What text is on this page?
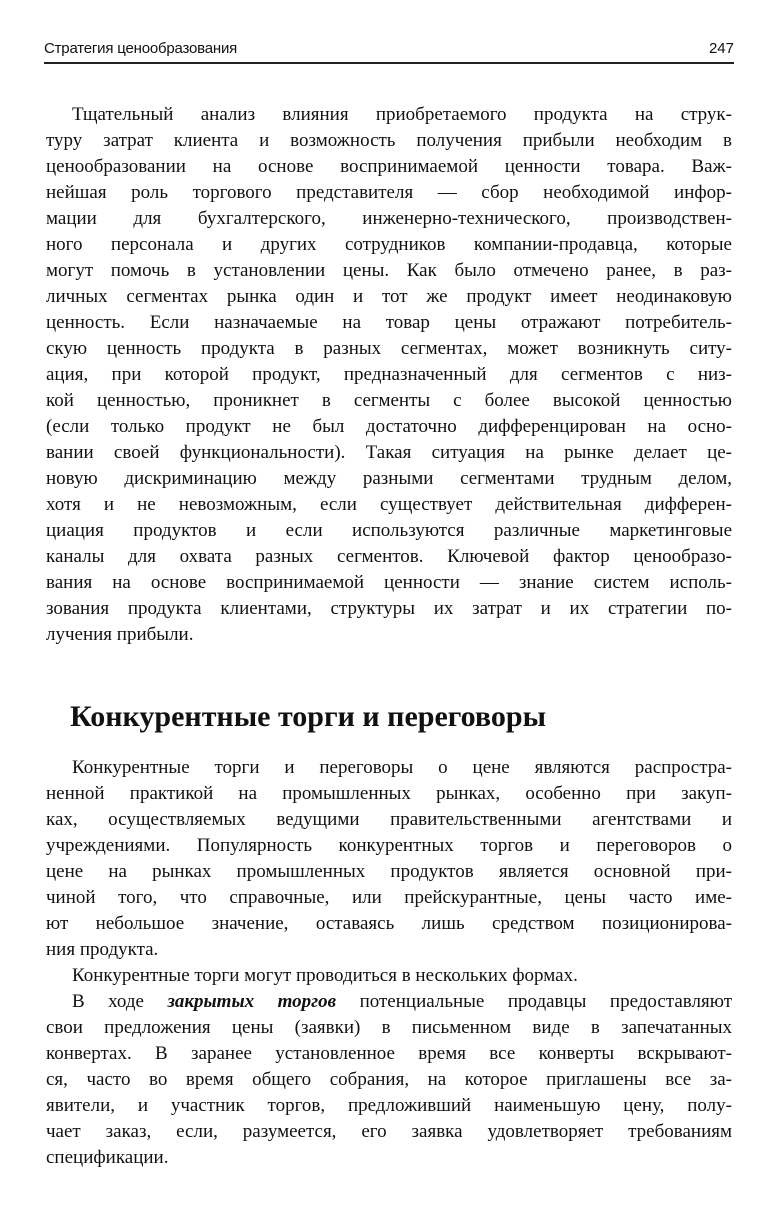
Стратегия ценообразования	247
Тщательный анализ влияния приобретаемого продукта на струк-
туру затрат клиента и возможность получения прибыли необходим в
ценообразовании на основе воспринимаемой ценности товара. Важ-
нейшая роль торгового представителя — сбор необходимой инфор-
мации для бухгалтерского, инженерно-технического, производствен-
ного персонала и других сотрудников компании-продавца, которые
могут помочь в установлении цены. Как было отмечено ранее, в раз-
личных сегментах рынка один и тот же продукт имеет неодинаковую
ценность. Если назначаемые на товар цены отражают потребитель-
скую ценность продукта в разных сегментах, может возникнуть ситу-
ация, при которой продукт, предназначенный для сегментов с низ-
кой ценностью, проникнет в сегменты с более высокой ценностью
(если только продукт не был достаточно дифференцирован на осно-
вании своей функциональности). Такая ситуация на рынке делает це-
новую дискриминацию между разными сегментами трудным делом,
хотя и не невозможным, если существует действительная дифферен-
циация продуктов и если используются различные маркетинговые
каналы для охвата разных сегментов. Ключевой фактор ценообразо-
вания на основе воспринимаемой ценности — знание систем исполь-
зования продукта клиентами, структуры их затрат и их стратегии по-
лучения прибыли.
Конкурентные торги и переговоры
Конкурентные торги и переговоры о цене являются распростра-
ненной практикой на промышленных рынках, особенно при закуп-
ках, осуществляемых ведущими правительственными агентствами и
учреждениями. Популярность конкурентных торгов и переговоров о
цене на рынках промышленных продуктов является основной при-
чиной того, что справочные, или прейскурантные, цены часто име-
ют небольшое значение, оставаясь лишь средством позиционирова-
ния продукта.
Конкурентные торги могут проводиться в нескольких формах.
В ходе закрытых торгов потенциальные продавцы предоставляют
свои предложения цены (заявки) в письменном виде в запечатанных
конвертах. В заранее установленное время все конверты вскрывают-
ся, часто во время общего собрания, на которое приглашены все за-
явители, и участник торгов, предложивший наименьшую цену, полу-
чает заказ, если, разумеется, его заявка удовлетворяет требованиям
спецификации.
